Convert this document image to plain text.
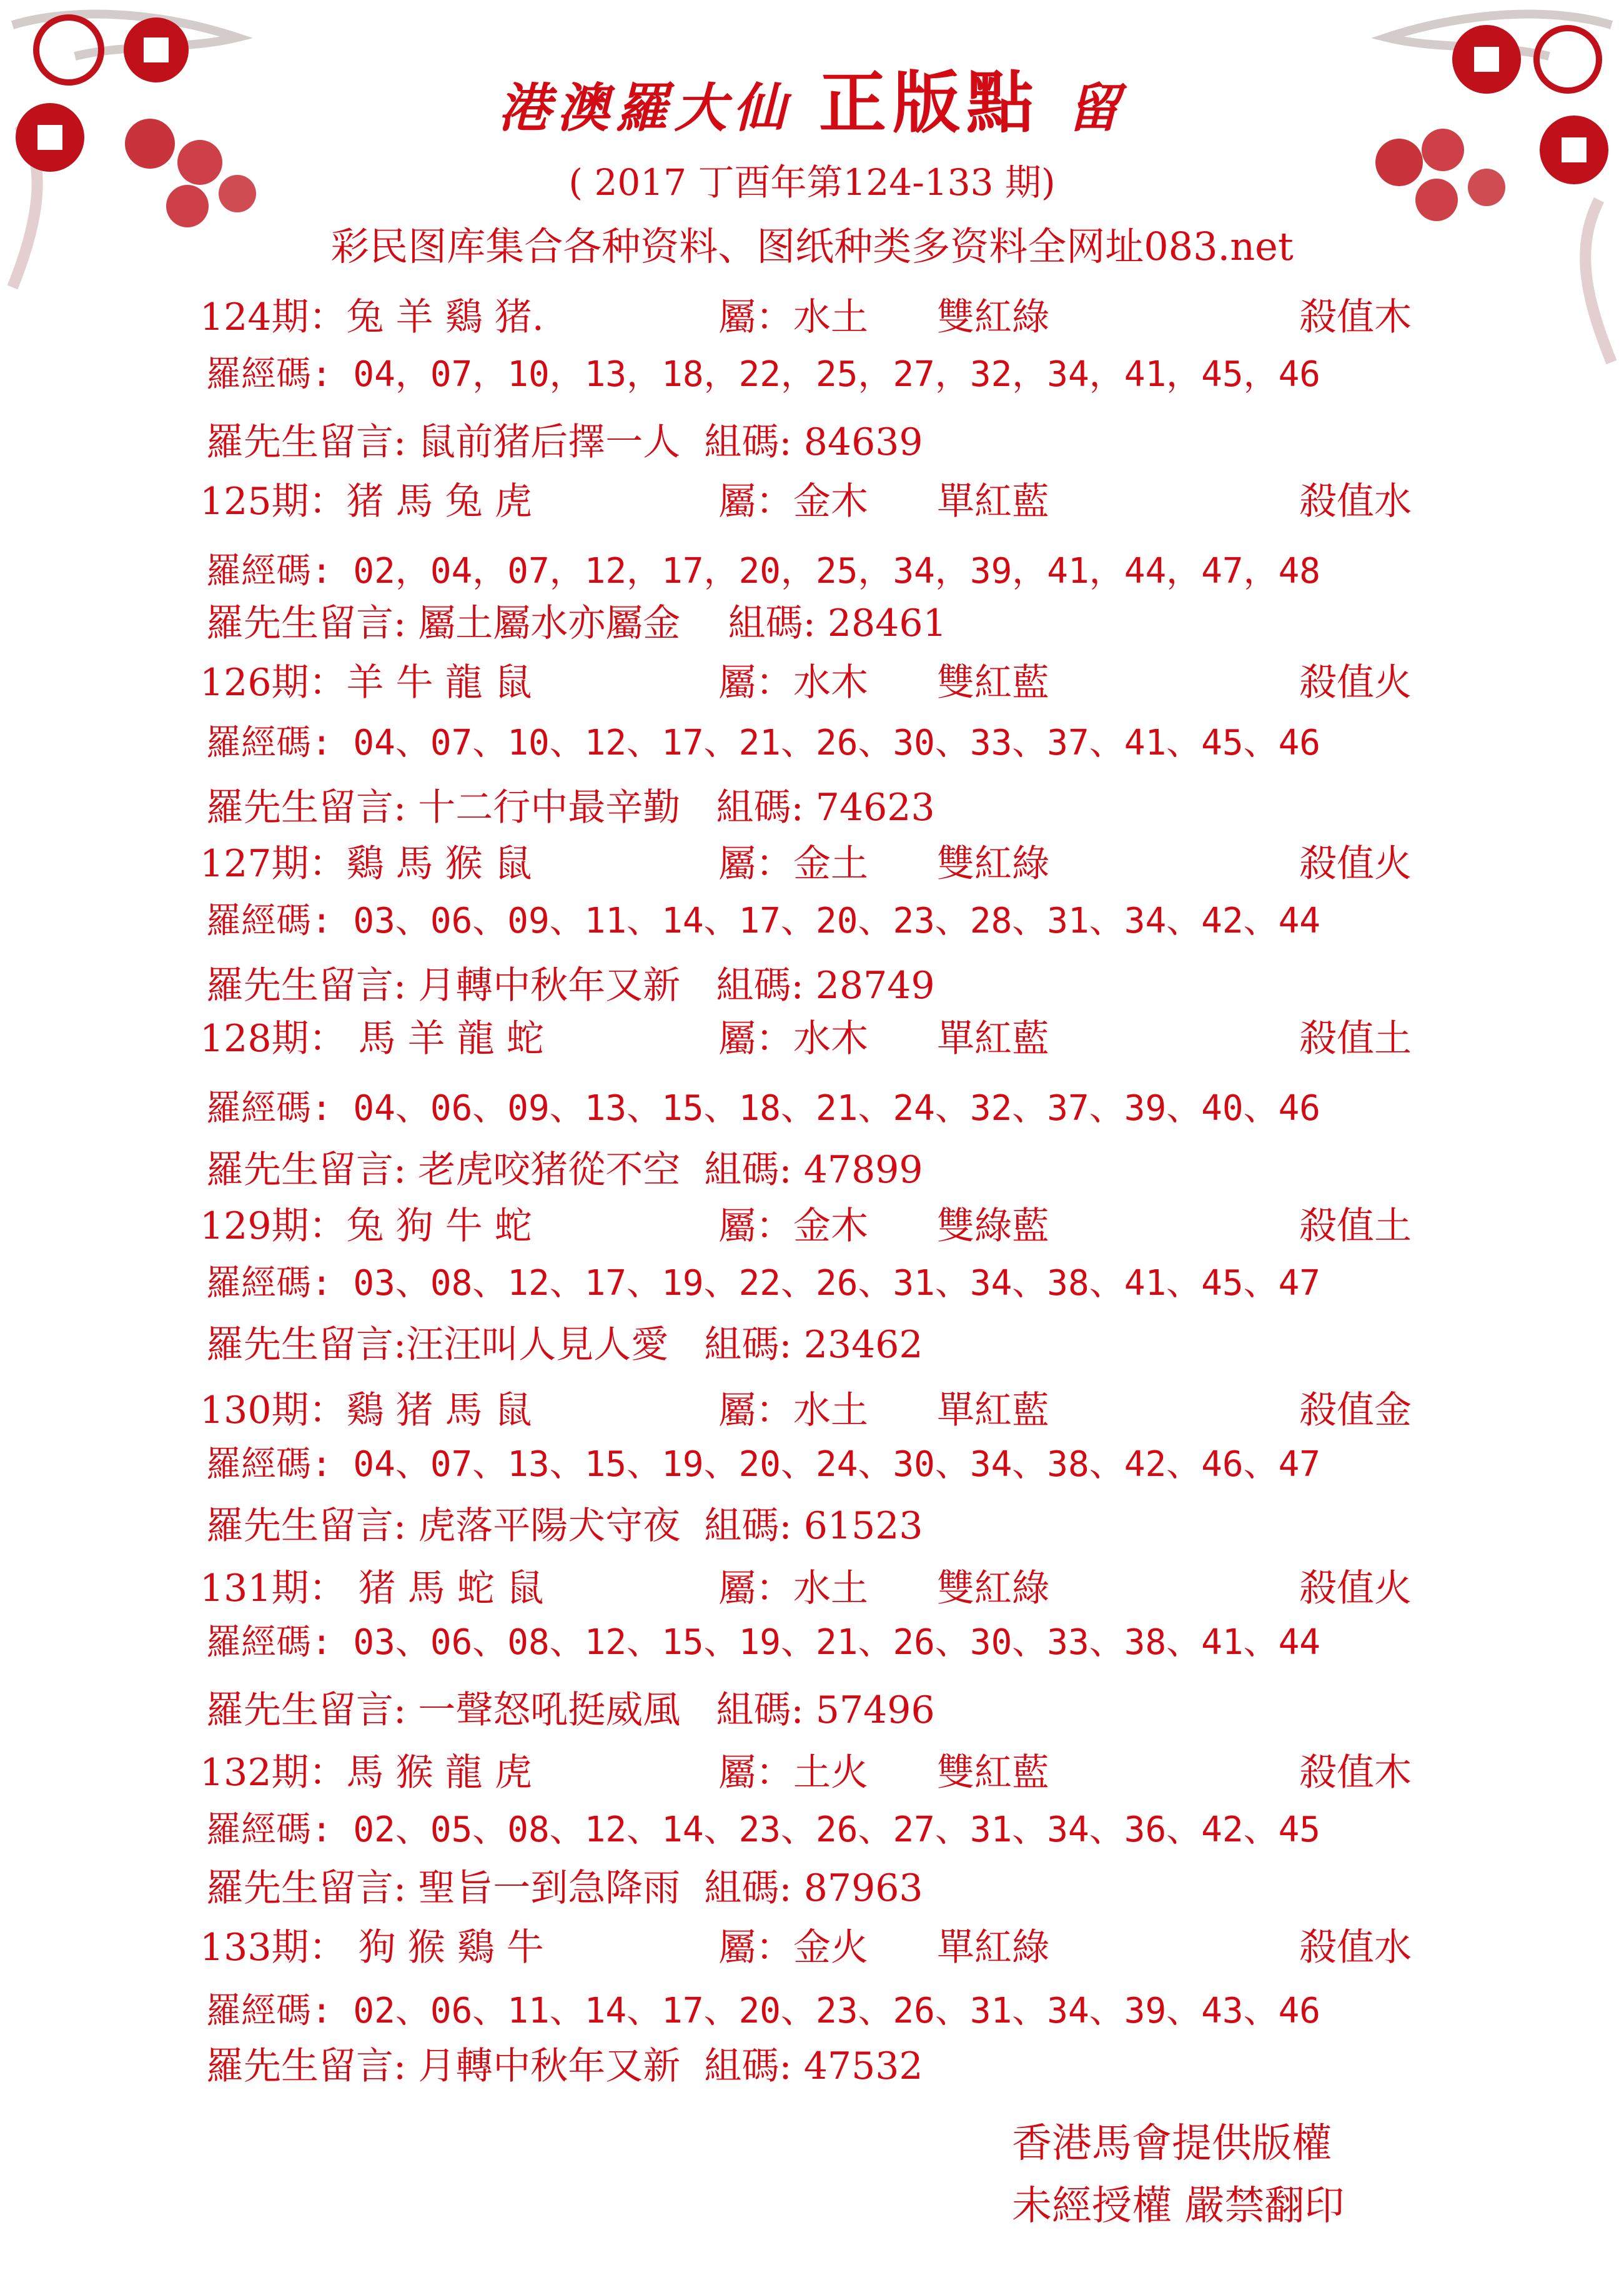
港澳羅大仙 正版點 留
( 2017 丁酉年第124-133 期)
彩民图库集合各种资料、图纸种类多资料全网址083.net
124期：兔 羊 鷄 猪.	屬：水土 雙紅綠	殺值木
羅經碼: 04，07，10，13，18，22，25，27，32，34，41，45，46
羅先生留言: 鼠前猪后擇一人  組碼: 84639
125期：猪 馬 兔 虎	屬：金木 單紅藍	殺值水
羅經碼: 02，04，07，12，17，20，25，34，39，41，44，47，48
羅先生留言: 屬土屬水亦屬金    組碼: 28461
126期：羊 牛 龍 鼠	屬：水木 雙紅藍	殺值火
羅經碼: 04、07、10、12、17、21、26、30、33、37、41、45、46
羅先生留言: 十二行中最辛勤   組碼: 74623
127期：鷄 馬 猴 鼠	屬：金土 雙紅綠	殺值火
羅經碼: 03、06、09、11、14、17、20、23、28、31、34、42、44
羅先生留言: 月轉中秋年又新   組碼: 28749
128期： 馬 羊 龍 蛇	屬：水木 單紅藍	殺值土
羅經碼: 04、06、09、13、15、18、21、24、32、37、39、40、46
羅先生留言: 老虎咬猪從不空  組碼: 47899
129期：兔 狗 牛 蛇	屬：金木 雙綠藍	殺值土
羅經碼: 03、08、12、17、19、22、26、31、34、38、41、45、47
羅先生留言:汪汪叫人見人愛   組碼: 23462
130期：鷄 猪 馬 鼠	屬：水土 單紅藍	殺值金
羅經碼: 04、07、13、15、19、20、24、30、34、38、42、46、47
羅先生留言: 虎落平陽犬守夜  組碼: 61523
131期： 猪 馬 蛇 鼠	屬：水土 雙紅綠	殺值火
羅經碼: 03、06、08、12、15、19、21、26、30、33、38、41、44
羅先生留言: 一聲怒吼挺威風   組碼: 57496
132期：馬 猴 龍 虎	屬：土火 雙紅藍	殺值木
羅經碼: 02、05、08、12、14、23、26、27、31、34、36、42、45
羅先生留言: 聖旨一到急降雨  組碼: 87963
133期： 狗 猴 鷄 牛	屬：金火 單紅綠	殺值水
羅經碼: 02、06、11、14、17、20、23、26、31、34、39、43、46
羅先生留言: 月轉中秋年又新  組碼: 47532
香港馬會提供版權
未經授權 嚴禁翻印
